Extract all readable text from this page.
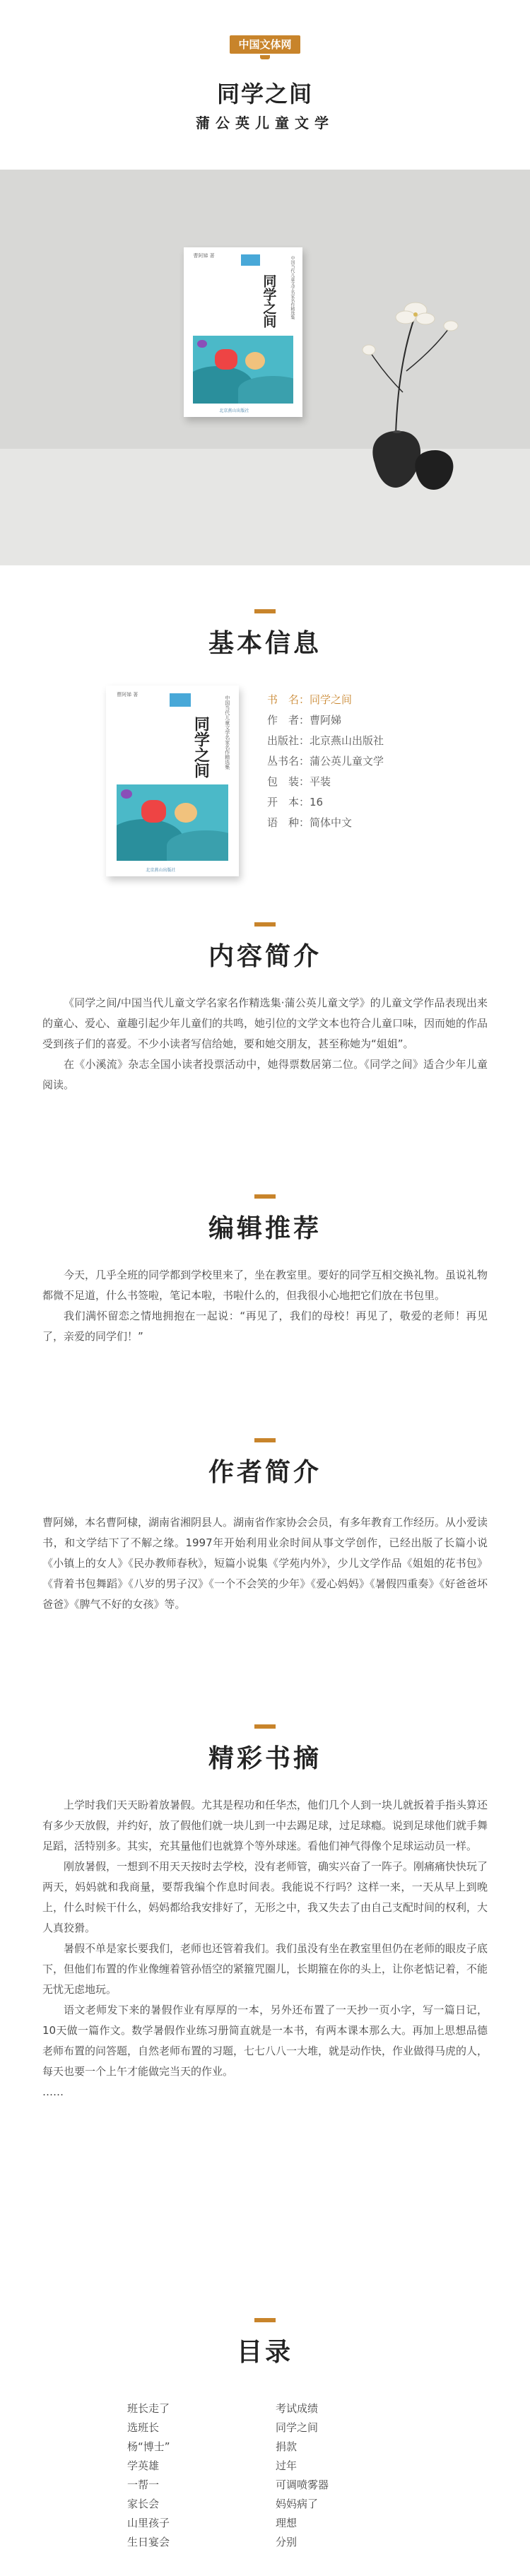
中国文体网
同学之间
蒲公英儿童文学
曹阿娣 著	中国当代儿童文学名家名作精选集
同学之间
北京燕山出版社
基本信息
曹阿娣 著
中国当代儿童文学名家名作精选集
同学之间
北京燕山出版社
书　名：同学之间
作　者：曹阿娣
出版社：北京燕山出版社
丛书名：蒲公英儿童文学
包　装：平装
开　本：16
语　种：简体中文
内容简介

《同学之间/中国当代儿童文学名家名作精选集·蒲公英儿童文学》的儿童文学作品表现出来的童心、爱心、童趣引起少年儿童们的共鸣，她引位的文学文本也符合儿童口味，因而她的作品受到孩子们的喜爱。不少小读者写信给她，要和她交朋友，甚至称她为“姐姐”。

在《小溪流》杂志全国小读者投票活动中，她得票数居第二位。《同学之间》适合少年儿童阅读。

编辑推荐

今天，几乎全班的同学都到学校里来了，坐在教室里。要好的同学互相交换礼物。虽说礼物都微不足道，什么书签啦，笔记本啦，书啦什么的，但我很小心地把它们放在书包里。

我们满怀留恋之情地拥抱在一起说：“再见了，我们的母校！再见了，敬爱的老师！再见了，亲爱的同学们！”

作者简介

曹阿娣，本名曹阿棣，湖南省湘阴县人。湖南省作家协会会员，有多年教育工作经历。从小爱读书，和文学结下了不解之缘。1997年开始利用业余时间从事文学创作，已经出版了长篇小说《小镇上的女人》《民办教师春秋》，短篇小说集《学苑内外》，少儿文学作品《姐姐的花书包》《背着书包舞蹈》《八岁的男子汉》《一个不会笑的少年》《爱心妈妈》《暑假四重奏》《好爸爸坏爸爸》《脾气不好的女孩》等。

精彩书摘

上学时我们天天盼着放暑假。尤其是程功和任华杰，他们几个人到一块儿就扳着手指头算还有多少天放假，并约好，放了假他们就一块儿到一中去踢足球，过足球瘾。说到足球他们就手舞足蹈，活特别多。其实，充其量他们也就算个等外球迷。看他们神气得像个足球运动员一样。

刚放暑假，一想到不用天天按时去学校，没有老师管，确实兴奋了一阵子。刚痛痛快快玩了两天，妈妈就和我商量，要帮我编个作息时间表。我能说不行吗？这样一来，一天从早上到晚上，什么时候干什么，妈妈都给我安排好了，无形之中，我又失去了由自己支配时间的权利，大人真狡猾。

暑假不单是家长要我们，老师也还管着我们。我们虽没有坐在教室里但仍在老师的眼皮子底下，但他们布置的作业像缠着管孙悟空的紧箍咒圈儿，长期箍在你的头上，让你老惦记着，不能无忧无虑地玩。

语文老师发下来的暑假作业有厚厚的一本，另外还布置了一天抄一页小字，写一篇日记，10天做一篇作文。数学暑假作业练习册简直就是一本书，有两本课本那么大。再加上思想品德老师布置的问答题，自然老师布置的习题，七七八八一大堆，就是动作快，作业做得马虎的人，每天也要一个上午才能做完当天的作业。

……

目录
班长走了
选班长
杨“博士”
学英雄
一帮一
家长会
山里孩子
生日宴会
考试成绩
同学之间
捐款
过年
可调喷雾器
妈妈病了
理想
分别
